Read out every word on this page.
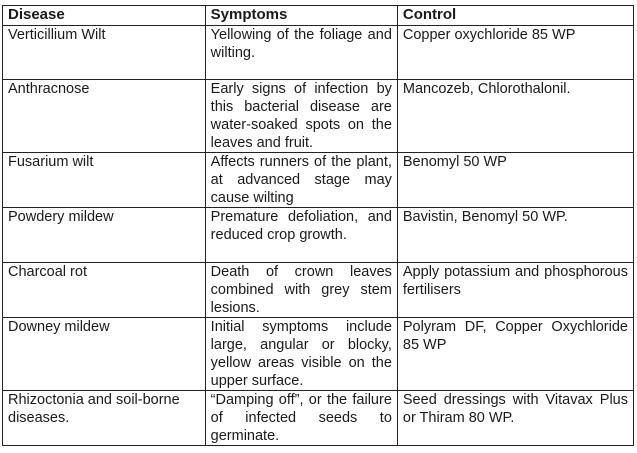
Disease	Symptoms	Control
Verticillium Wilt	Yellowing of the foliage and wilting.	Copper oxychloride 85 WP
Anthracnose	Early signs of infection by this bacterial disease are water-soaked spots on the leaves and fruit.	Mancozeb, Chlorothalonil.
Fusarium wilt	Affects runners of the plant, at advanced stage may cause wilting	Benomyl 50 WP
Powdery mildew	Premature defoliation, and reduced crop growth.	Bavistin, Benomyl 50 WP.
Charcoal rot	Death of crown leaves combined with grey stem lesions.	Apply potassium and phosphorous fertilisers
Downey mildew	Initial symptoms include large, angular or blocky, yellow areas visible on the upper surface.	Polyram DF, Copper Oxychloride 85 WP
Rhizoctonia and soil-borne diseases.	“Damping off”, or the failure of infected seeds to germinate.	Seed dressings with Vitavax Plus or Thiram 80 WP.
